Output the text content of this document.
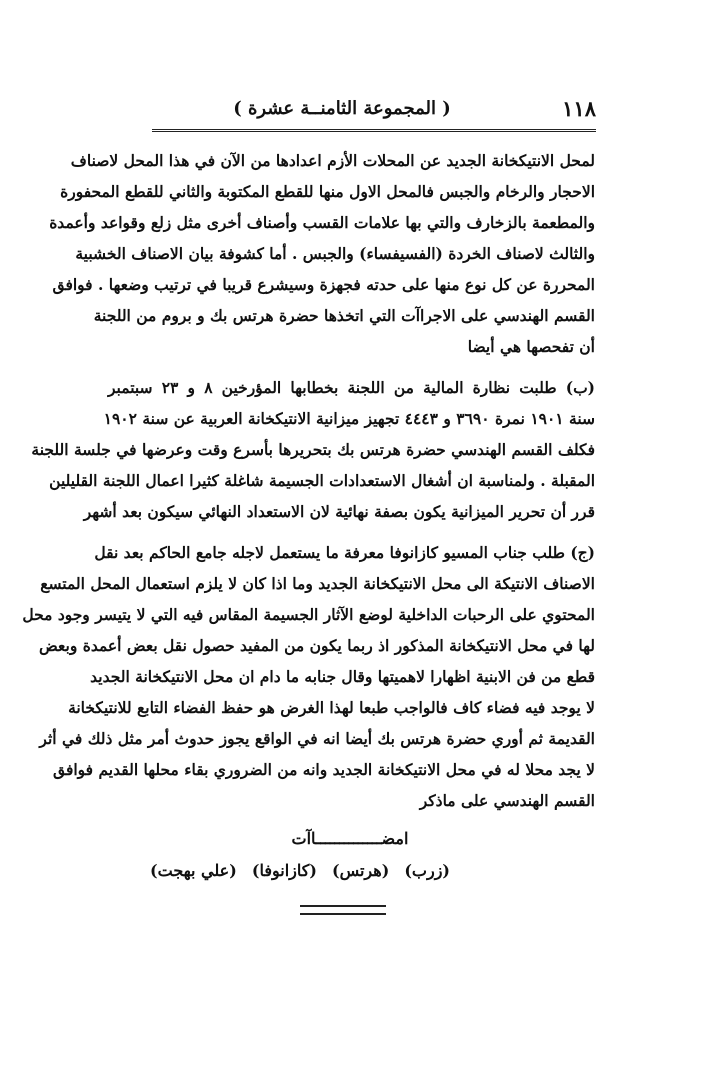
١١٨
( المجموعة الثامنــة عشرة )
لمحل الانتيكخانة الجديد عن المحلات الأزم اعدادها من الآن في هذا المحل لاصناف
الاحجار والرخام والجبس فالمحل الاول منها للقطع المكتوبة والثاني للقطع المحفورة
والمطعمة بالزخارف والتي بها علامات القسب وأصناف أخرى مثل زلع وقواعد وأعمدة
والثالث لاصناف الخردة (الفسيفساء) والجبس . أما كشوفة بيان الاصناف الخشبية
المحررة عن كل نوع منها على حدته فجهزة وسيشرع قريبا في ترتيب وضعها . فوافق
القسم الهندسي على الاجراآت التي اتخذها حضرة هرتس بك و بروم من اللجنة
أن تفحصها هي أيضا
(ب) طلبت نظارة المالية من اللجنة بخطابها المؤرخين ٨ و ٢٣ سبتمبر
سنة ١٩٠١ نمرة ٣٦٩٠ و ٤٤٤٣ تجهيز ميزانية الانتيكخانة العربية عن سنة ١٩٠٢
فكلف القسم الهندسي حضرة هرتس بك بتحريرها بأسرع وقت وعرضها في جلسة اللجنة
المقبلة . ولمناسبة ان أشغال الاستعدادات الجسيمة شاغلة كثيرا اعمال اللجنة القليلين
قرر أن تحرير الميزانية يكون بصفة نهائية لان الاستعداد النهائي سيكون بعد أشهر
(ج) طلب جناب المسيو كازانوفا معرفة ما يستعمل لاجله جامع الحاكم بعد نقل
الاصناف الانتيكة الى محل الانتيكخانة الجديد وما اذا كان لا يلزم استعمال المحل المتسع
المحتوي على الرحبات الداخلية لوضع الآثار الجسيمة المقاس فيه التي لا يتيسر وجود محل
لها في محل الانتيكخانة المذكور اذ ربما يكون من المفيد حصول نقل بعض أعمدة وبعض
قطع من فن الابنية اظهارا لاهميتها وقال جنابه ما دام ان محل الانتيكخانة الجديد
لا يوجد فيه فضاء كاف فالواجب طبعا لهذا الغرض هو حفظ الفضاء التابع للانتيكخانة
القديمة ثم أوري حضرة هرتس بك أيضا انه في الواقع يجوز حدوث أمر مثل ذلك في أثر
لا يجد محلا له في محل الانتيكخانة الجديد وانه من الضروري بقاء محلها القديم فوافق
القسم الهندسي على ماذكر
امضــــــــــــــاآت
(زرب)
(هرتس)
(كازانوفا)
(علي بهجت)
